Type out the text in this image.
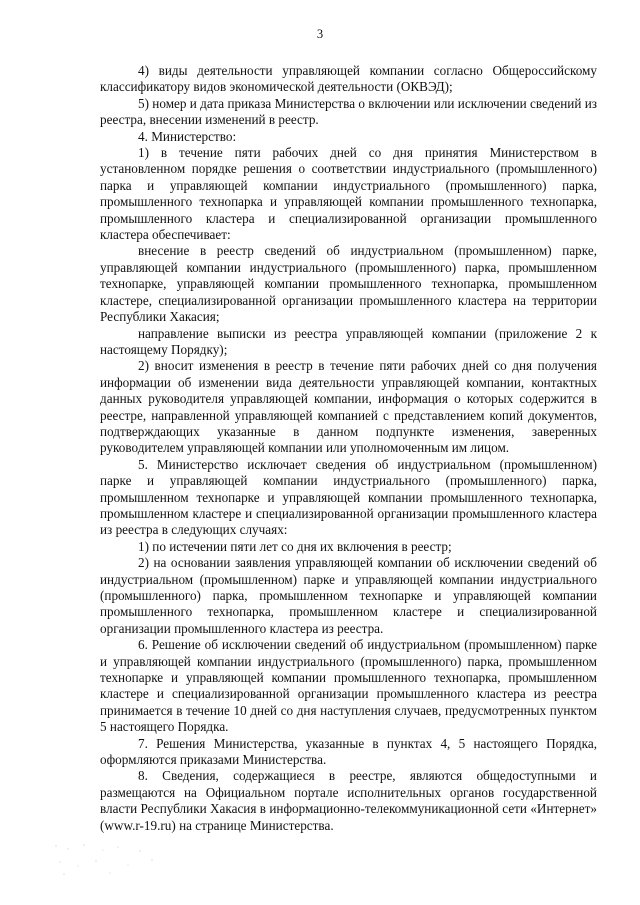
3

4) виды деятельности управляющей компании согласно Общероссийскому классификатору видов экономической деятельности (ОКВЭД);

5) номер и дата приказа Министерства о включении или исключении сведений из реестра, внесении изменений в реестр.

4. Министерство:

1) в течение пяти рабочих дней со дня принятия Министерством в установленном порядке решения о соответствии индустриального (промышленного) парка и управляющей компании индустриального (промышленного) парка, промышленного технопарка и управляющей компании промышленного технопарка, промышленного кластера и специализированной организации промышленного кластера обеспечивает:

внесение в реестр сведений об индустриальном (промышленном) парке, управляющей компании индустриального (промышленного) парка, промышленном технопарке, управляющей компании промышленного технопарка, промышленном кластере, специализированной организации промышленного кластера на территории Республики Хакасия;

направление выписки из реестра управляющей компании (приложение 2 к настоящему Порядку);

2) вносит изменения в реестр в течение пяти рабочих дней со дня получения информации об изменении вида деятельности управляющей компании, контактных данных руководителя управляющей компании, информация о которых содержится в реестре, направленной управляющей компанией с представлением копий документов, подтверждающих указанные в данном подпункте изменения, заверенных руководителем управляющей компании или уполномоченным им лицом.

5. Министерство исключает сведения об индустриальном (промышленном) парке и управляющей компании индустриального (промышленного) парка, промышленном технопарке и управляющей компании промышленного технопарка, промышленном кластере и специализированной организации промышленного кластера из реестра в следующих случаях:

1) по истечении пяти лет со дня их включения в реестр;

2) на основании заявления управляющей компании об исключении сведений об индустриальном (промышленном) парке и управляющей компании индустриального (промышленного) парка, промышленном технопарке и управляющей компании промышленного технопарка, промышленном кластере и специализированной организации промышленного кластера из реестра.

6. Решение об исключении сведений об индустриальном (промышленном) парке и управляющей компании индустриального (промышленного) парка, промышленном технопарке и управляющей компании промышленного технопарка, промышленном кластере и специализированной организации промышленного кластера из реестра принимается в течение 10 дней со дня наступления случаев, предусмотренных пунктом 5 настоящего Порядка.

7. Решения Министерства, указанные в пунктах 4, 5 настоящего Порядка, оформляются приказами Министерства.

8. Сведения, содержащиеся в реестре, являются общедоступными и размещаются на Официальном портале исполнительных органов государственной власти Республики Хакасия в информационно-телекоммуникационной сети «Интернет» (www.r-19.ru) на странице Министерства.
